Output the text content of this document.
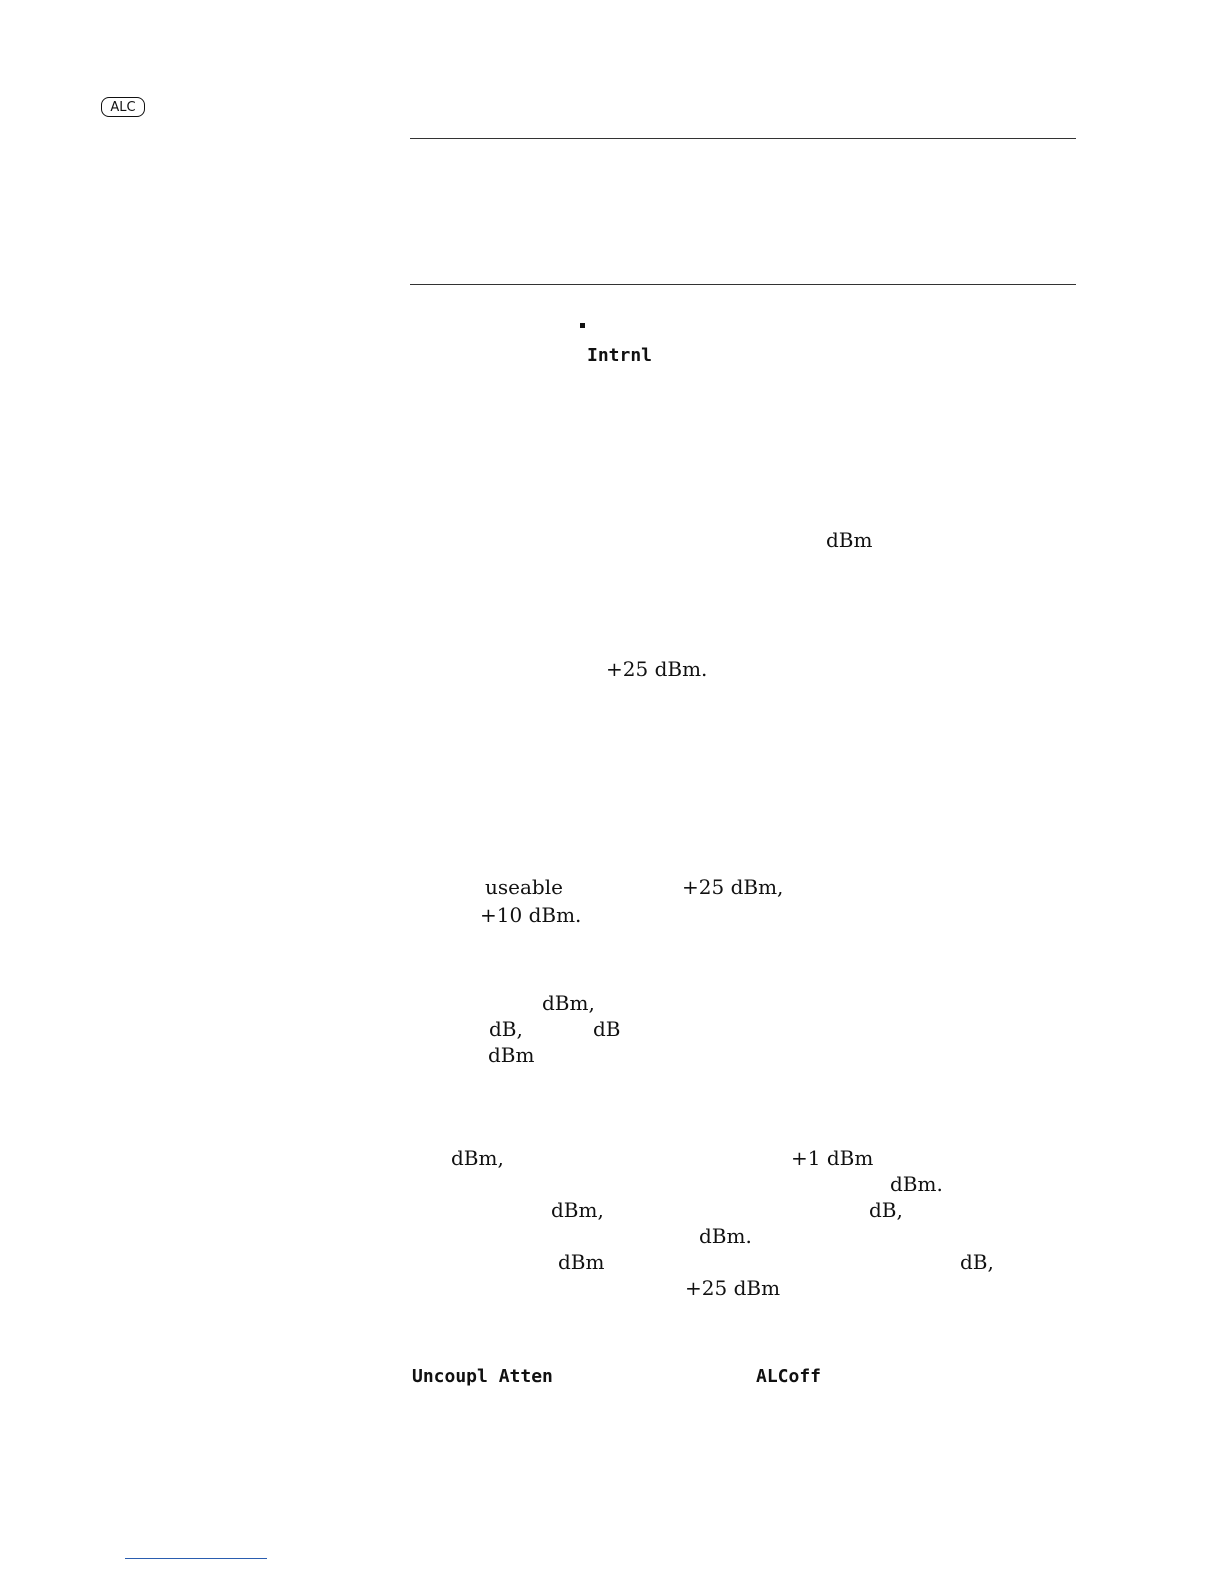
ALC
Intrnl
Uncoupl Atten	ALCoff
dBm
+25 dBm.
useable	+25 dBm,
+10 dBm.
dBm,
dB,	dB
dBm
dBm,	+1 dBm
dBm.
dBm,	dB,
dBm.
dBm	dB,
+25 dBm
